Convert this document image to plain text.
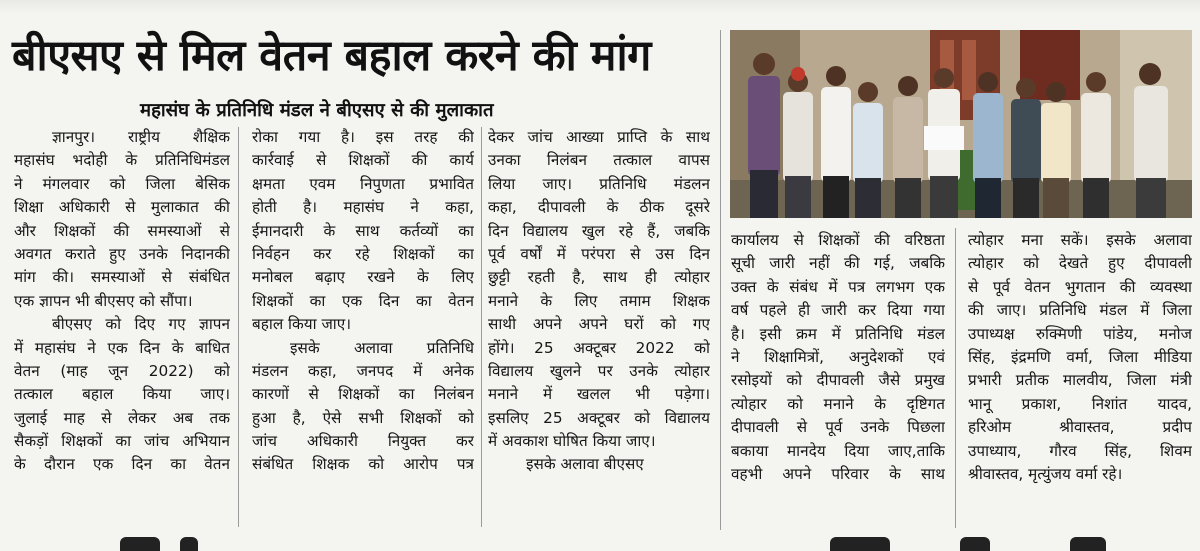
बीएसए से मिल वेतन बहाल करने की मांग
महासंघ के प्रतिनिधि मंडल ने बीएसए से की मुलाकात
ज्ञानपुर। राष्ट्रीय शैक्षिक
महासंघ भदोही के प्रतिनिधिमंडल
ने मंगलवार को जिला बेसिक
शिक्षा अधिकारी से मुलाकात की
और शिक्षकों की समस्याओं से
अवगत कराते हुए उनके निदानकी
मांग की। समस्याओं से संबंधित
एक ज्ञापन भी बीएसए को सौंपा।
बीएसए को दिए गए ज्ञापन
में महासंघ ने एक दिन के बाधित
वेतन (माह जून 2022) को
तत्काल बहाल किया जाए।
जुलाई माह से लेकर अब तक
सैकड़ों शिक्षकों का जांच अभियान
के दौरान एक दिन का वेतन
रोका गया है। इस तरह की
कार्रवाई से शिक्षकों की कार्य
क्षमता एवम निपुणता प्रभावित
होती है। महासंघ ने कहा,
ईमानदारी के साथ कर्तव्यों का
निर्वहन कर रहे शिक्षकों का
मनोबल बढ़ाए रखने के लिए
शिक्षकों का एक दिन का वेतन
बहाल किया जाए।
इसके अलावा प्रतिनिधि
मंडलन कहा, जनपद में अनेक
कारणों से शिक्षकों का निलंबन
हुआ है, ऐसे सभी शिक्षकों को
जांच अधिकारी नियुक्त कर
संबंधित शिक्षक को आरोप पत्र
देकर जांच आख्या प्राप्ति के साथ
उनका निलंबन तत्काल वापस
लिया जाए। प्रतिनिधि मंडलन
कहा, दीपावली के ठीक दूसरे
दिन विद्यालय खुल रहे हैं, जबकि
पूर्व वर्षों में परंपरा से उस दिन
छुट्टी रहती है, साथ ही त्योहार
मनाने के लिए तमाम शिक्षक
साथी अपने अपने घरों को गए
होंगे। 25 अक्टूबर 2022 को
विद्यालय खुलने पर उनके त्योहार
मनाने में खलल भी पड़ेगा।
इसलिए 25 अक्टूबर को विद्यालय
में अवकाश घोषित किया जाए।
इसके अलावा बीएसए
कार्यालय से शिक्षकों की वरिष्ठता
सूची जारी नहीं की गई, जबकि
उक्त के संबंध में पत्र लगभग एक
वर्ष पहले ही जारी कर दिया गया
है। इसी क्रम में प्रतिनिधि मंडल
ने शिक्षामित्रों, अनुदेशकों एवं
रसोइयों को दीपावली जैसे प्रमुख
त्योहार को मनाने के दृष्टिगत
दीपावली से पूर्व उनके पिछला
बकाया मानदेय दिया जाए,ताकि
वहभी अपने परिवार के साथ
त्योहार मना सकें। इसके अलावा
त्योहार को देखते हुए दीपावली
से पूर्व वेतन भुगतान की व्यवस्था
की जाए। प्रतिनिधि मंडल में जिला
उपाध्यक्ष रुक्मिणी पांडेय, मनोज
सिंह, इंद्रमणि वर्मा, जिला मीडिया
प्रभारी प्रतीक मालवीय, जिला मंत्री
भानू प्रकाश, निशांत यादव,
हरिओम श्रीवास्तव, प्रदीप
उपाध्याय, गौरव सिंह, शिवम
श्रीवास्तव, मृत्युंजय वर्मा रहे।
